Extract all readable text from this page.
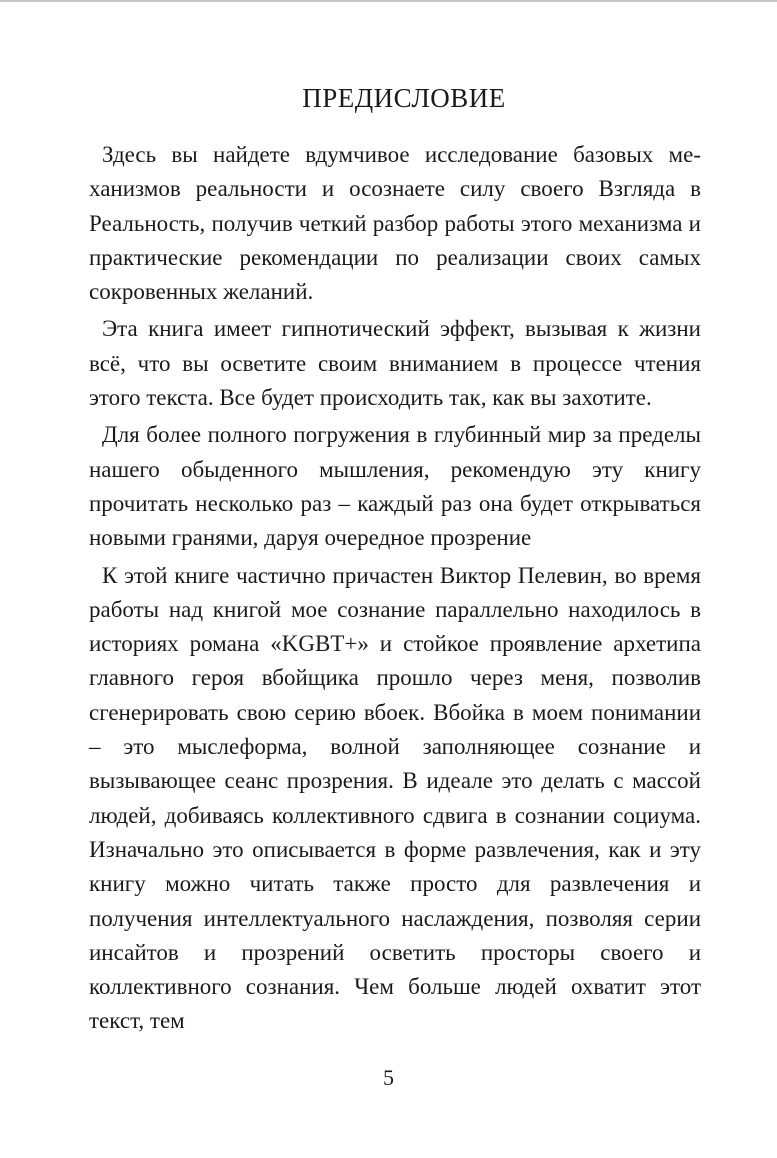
ПРЕДИСЛОВИЕ

Здесь вы найдете вдумчивое исследование базовых механизмов реальности и осознаете силу своего Взгляда в Реальность, получив четкий разбор работы этого механизма и практические рекомендации по реализации своих самых сокровенных желаний.

Эта книга имеет гипнотический эффект, вызывая к жизни всё, что вы осветите своим вниманием в процессе чтения этого текста. Все будет происходить так, как вы захотите.

Для более полного погружения в глубинный мир за пределы нашего обыденного мышления, рекомендую эту книгу прочитать несколько раз – каждый раз она будет открываться новыми гранями, даруя очередное прозрение

К этой книге частично причастен Виктор Пелевин, во время работы над книгой мое сознание параллельно находилось в историях романа «KGBT+» и стойкое проявление архетипа главного героя вбойщика прошло через меня, позволив сгенерировать свою серию вбоек. Вбойка в моем понимании – это мыслеформа, волной заполняющее сознание и вызывающее сеанс прозрения. В идеале это делать с массой людей, добиваясь коллективного сдвига в сознании социума. Изначально это описывается в форме развлечения, как и эту книгу можно читать также просто для развлечения и получения интеллектуального наслаждения, позволяя серии инсайтов и прозрений осветить просторы своего и коллективного сознания. Чем больше людей охватит этот текст, тем

5
